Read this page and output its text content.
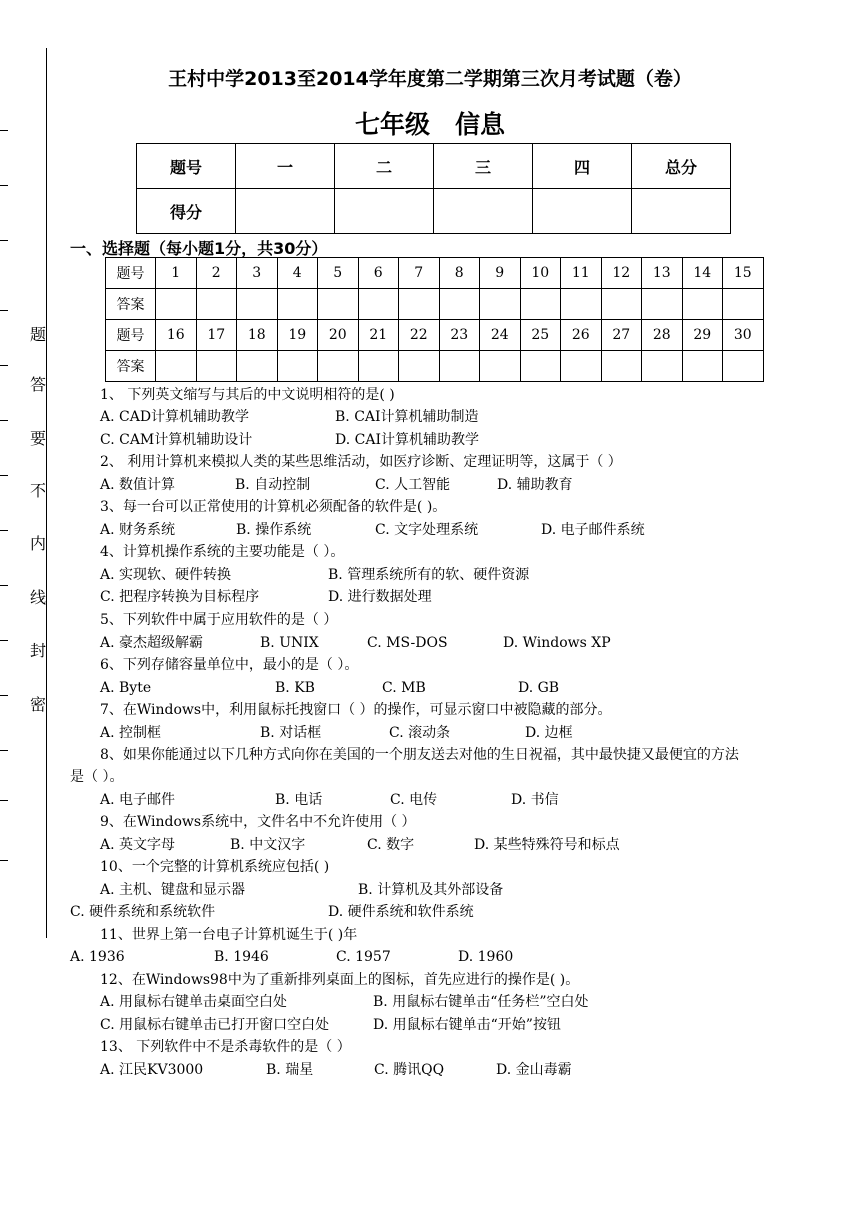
题
答
要
不
内
线
封
密
王村中学2013至2014学年度第二学期第三次月考试题（卷）
七年级　信息
题号	一	二	三	四	总分
得分					
一、选择题（每小题1分，共30分）
题号	1	2	3	4	5	6	7	8	9	10	11	12	13	14	15
答案															
题号	16	17	18	19	20	21	22	23	24	25	26	27	28	29	30
答案															
1、 下列英文缩写与其后的中文说明相符的是( )
A. CAD计算机辅助教学	B. CAI计算机辅助制造
C. CAM计算机辅助设计	D. CAI计算机辅助教学
2、 利用计算机来模拟人类的某些思维活动，如医疗诊断、定理证明等，这属于（ ）
A. 数值计算	B. 自动控制	C. 人工智能	D. 辅助教育
3、每一台可以正常使用的计算机必须配备的软件是( )。
A. 财务系统	B. 操作系统	C. 文字处理系统	D. 电子邮件系统
4、计算机操作系统的主要功能是（ ）。
A. 实现软、硬件转换	B. 管理系统所有的软、硬件资源
C. 把程序转换为目标程序	D. 进行数据处理
5、下列软件中属于应用软件的是（ ）
A. 豪杰超级解霸	B. UNIX	C. MS-DOS	D. Windows XP
6、下列存储容量单位中，最小的是（ ）。
A. Byte	B. KB	C. MB	D. GB
7、在Windows中，利用鼠标托拽窗口（ ）的操作，可显示窗口中被隐藏的部分。
A. 控制框	B. 对话框	C. 滚动条	D. 边框
8、如果你能通过以下几种方式向你在美国的一个朋友送去对他的生日祝福，其中最快捷又最便宜的方法
是（ ）。
A. 电子邮件	B. 电话	C. 电传	D. 书信
9、在Windows系统中，文件名中不允许使用（ ）
A. 英文字母	B. 中文汉字	C. 数字	D. 某些特殊符号和标点
10、一个完整的计算机系统应包括( )
A. 主机、键盘和显示器	B. 计算机及其外部设备
C. 硬件系统和系统软件	D. 硬件系统和软件系统
11、世界上第一台电子计算机诞生于( )年
A. 1936	B. 1946	C. 1957	D. 1960
12、在Windows98中为了重新排列桌面上的图标，首先应进行的操作是( )。
A. 用鼠标右键单击桌面空白处	B. 用鼠标右键单击“任务栏”空白处
C. 用鼠标右键单击已打开窗口空白处	D. 用鼠标右键单击“开始”按钮
13、 下列软件中不是杀毒软件的是（ ）
A. 江民KV3000	B. 瑞星	C. 腾讯QQ	D. 金山毒霸
